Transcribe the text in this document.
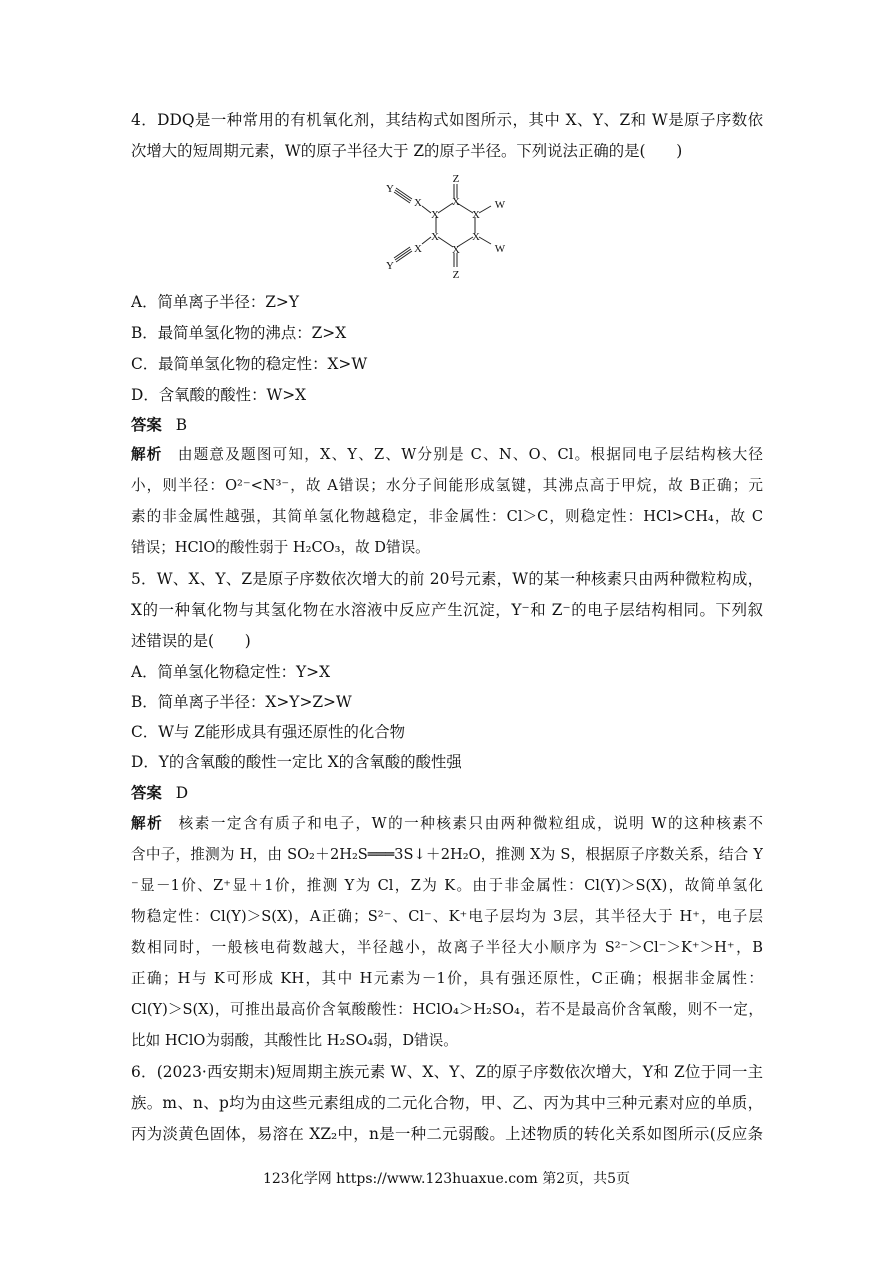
4．DDQ是一种常用的有机氧化剂，其结构式如图所示，其中 X、Y、Z和 W是原子序数依
次增大的短周期元素，W的原子半径大于 Z的原子半径。下列说法正确的是(　　)
Z
X
X
X
X
X
X
Z
W
W
X
Y
X
Y
A．简单离子半径：Z>Y
B．最简单氢化物的沸点：Z>X
C．最简单氢化物的稳定性：X>W
D．含氧酸的酸性：W>X
答案 B
解析 由题意及题图可知，X、Y、Z、W分别是 C、N、O、Cl。根据同电子层结构核大径
小，则半径：O²⁻<N³⁻，故 A错误；水分子间能形成氢键，其沸点高于甲烷，故 B正确；元
素的非金属性越强，其简单氢化物越稳定，非金属性：Cl＞C，则稳定性：HCl>CH₄，故 C
错误；HClO的酸性弱于 H₂CO₃，故 D错误。
5．W、X、Y、Z是原子序数依次增大的前 20号元素，W的某一种核素只由两种微粒构成，
X的一种氧化物与其氢化物在水溶液中反应产生沉淀，Y⁻和 Z⁻的电子层结构相同。下列叙
述错误的是(　　)
A．简单氢化物稳定性：Y>X
B．简单离子半径：X>Y>Z>W
C．W与 Z能形成具有强还原性的化合物
D．Y的含氧酸的酸性一定比 X的含氧酸的酸性强
答案 D
解析 核素一定含有质子和电子，W的一种核素只由两种微粒组成，说明 W的这种核素不
含中子，推测为 H，由 SO₂＋2H₂S═══3S↓＋2H₂O，推测 X为 S，根据原子序数关系，结合 Y
⁻显－1价、Z⁺显＋1价，推测 Y为 Cl，Z为 K。由于非金属性：Cl(Y)＞S(X)，故简单氢化
物稳定性：Cl(Y)＞S(X)，A正确；S²⁻、Cl⁻、K⁺电子层均为 3层，其半径大于 H⁺，电子层
数相同时，一般核电荷数越大，半径越小，故离子半径大小顺序为 S²⁻＞Cl⁻＞K⁺＞H⁺，B
正确；H与 K可形成 KH，其中 H元素为－1价，具有强还原性，C正确；根据非金属性：
Cl(Y)＞S(X)，可推出最高价含氧酸酸性：HClO₄＞H₂SO₄，若不是最高价含氧酸，则不一定，
比如 HClO为弱酸，其酸性比 H₂SO₄弱，D错误。
6．(2023·西安期末)短周期主族元素 W、X、Y、Z的原子序数依次增大，Y和 Z位于同一主
族。m、n、p均为由这些元素组成的二元化合物，甲、乙、丙为其中三种元素对应的单质，
丙为淡黄色固体，易溶在 XZ₂中，n是一种二元弱酸。上述物质的转化关系如图所示(反应条
123化学网 https://www.123huaxue.com 第2页，共5页
